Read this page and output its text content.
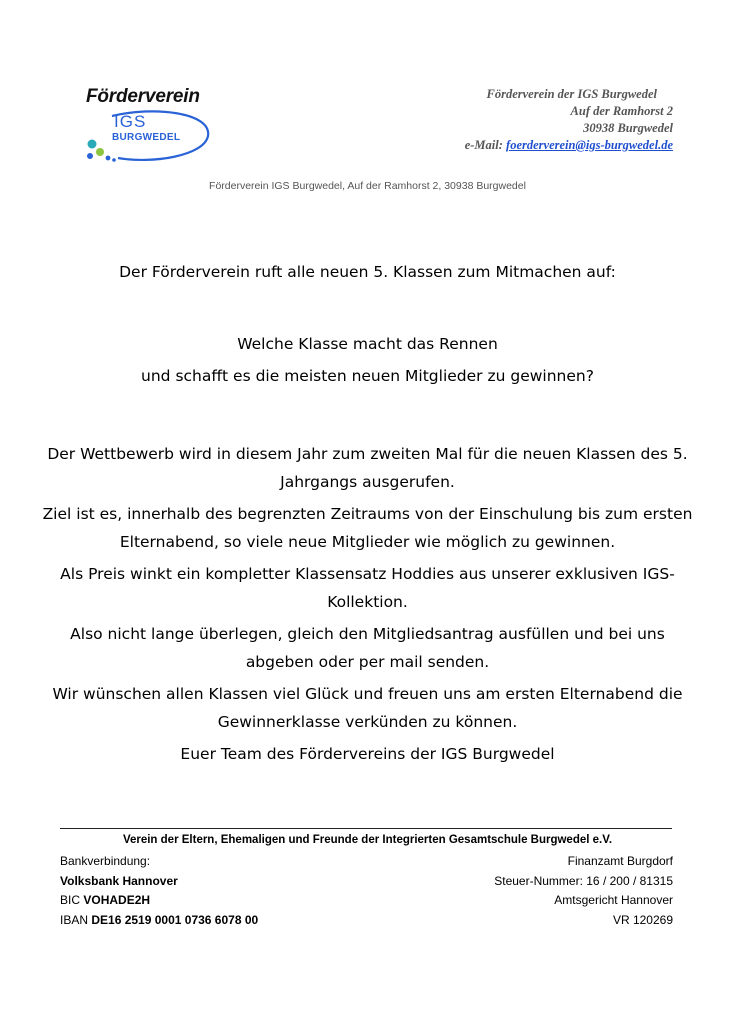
Förderverein
IGS
BURGWEDEL
Förderverein der IGS Burgwedel
Auf der Ramhorst 2
30938 Burgwedel
e-Mail: foerderverein@igs-burgwedel.de
Förderverein IGS Burgwedel, Auf der Ramhorst 2, 30938 Burgwedel

Der Förderverein ruft alle neuen 5. Klassen zum Mitmachen auf:

Welche Klasse macht das Rennen

und schafft es die meisten neuen Mitglieder zu gewinnen?

Der Wettbewerb wird in diesem Jahr zum zweiten Mal für die neuen Klassen des 5. Jahrgangs ausgerufen.

Ziel ist es, innerhalb des begrenzten Zeitraums von der Einschulung bis zum ersten Elternabend, so viele neue Mitglieder wie möglich zu gewinnen.

Als Preis winkt ein kompletter Klassensatz Hoddies aus unserer exklusiven IGS-Kollektion.

Also nicht lange überlegen, gleich den Mitgliedsantrag ausfüllen und bei uns abgeben oder per mail senden.

Wir wünschen allen Klassen viel Glück und freuen uns am ersten Elternabend die Gewinnerklasse verkünden zu können.

Euer Team des Fördervereins der IGS Burgwedel

Verein der Eltern, Ehemaligen und Freunde der Integrierten Gesamtschule Burgwedel e.V.
Bankverbindung:
Volksbank Hannover
BIC VOHADE2H
IBAN DE16 2519 0001 0736 6078 00
Finanzamt Burgdorf
Steuer-Nummer: 16 / 200 / 81315
Amtsgericht Hannover
VR 120269
